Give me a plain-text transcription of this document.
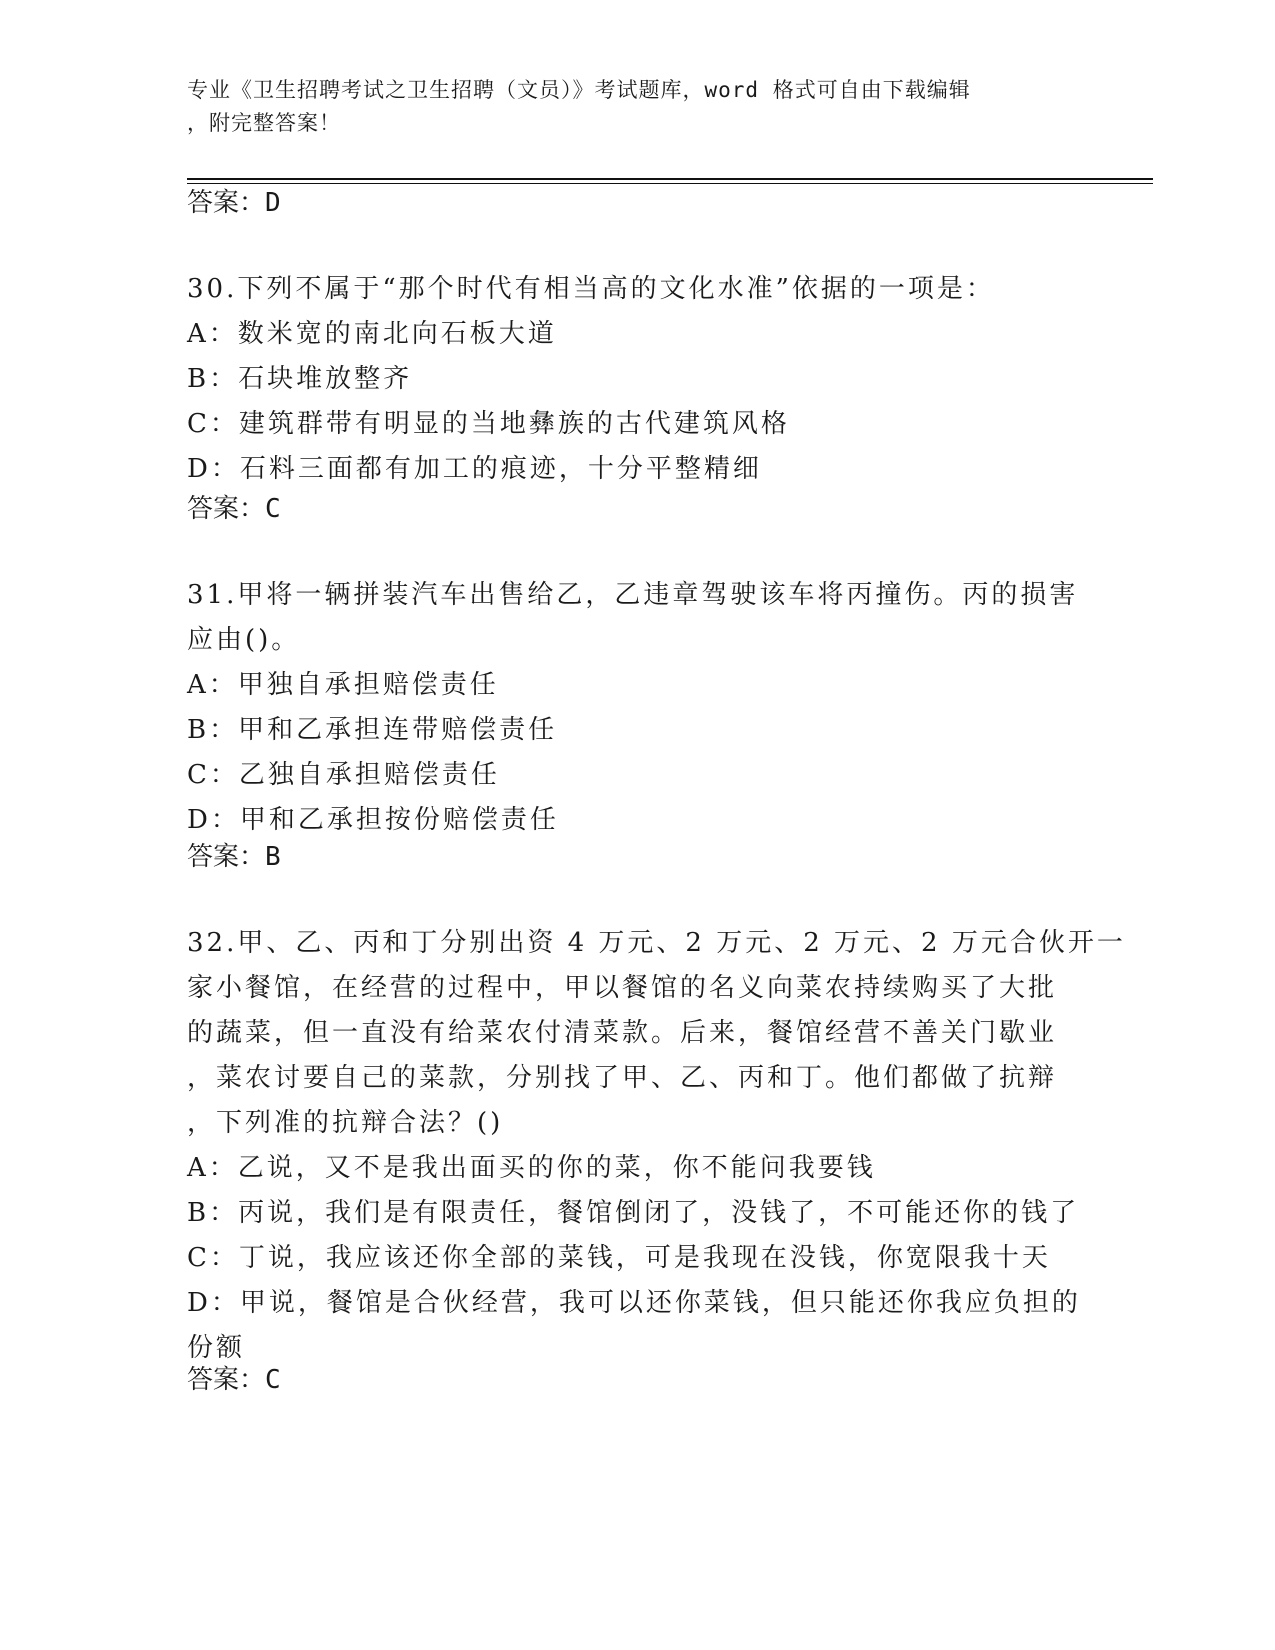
专业《卫生招聘考试之卫生招聘（文员）》考试题库，word 格式可自由下载编辑
，附完整答案！
答案：D
30.下列不属于“那个时代有相当高的文化水准”依据的一项是：
A：数米宽的南北向石板大道
B：石块堆放整齐
C：建筑群带有明显的当地彝族的古代建筑风格
D：石料三面都有加工的痕迹，十分平整精细
答案：C
31.甲将一辆拼装汽车出售给乙，乙违章驾驶该车将丙撞伤。丙的损害
应由()。
A：甲独自承担赔偿责任
B：甲和乙承担连带赔偿责任
C：乙独自承担赔偿责任
D：甲和乙承担按份赔偿责任
答案：B
32.甲、乙、丙和丁分别出资 4 万元、2 万元、2 万元、2 万元合伙开一
家小餐馆，在经营的过程中，甲以餐馆的名义向菜农持续购买了大批
的蔬菜，但一直没有给菜农付清菜款。后来，餐馆经营不善关门歇业
，菜农讨要自己的菜款，分别找了甲、乙、丙和丁。他们都做了抗辩
，下列准的抗辩合法？()
A：乙说，又不是我出面买的你的菜，你不能问我要钱
B：丙说，我们是有限责任，餐馆倒闭了，没钱了，不可能还你的钱了
C：丁说，我应该还你全部的菜钱，可是我现在没钱，你宽限我十天
D：甲说，餐馆是合伙经营，我可以还你菜钱，但只能还你我应负担的
份额
答案：C
